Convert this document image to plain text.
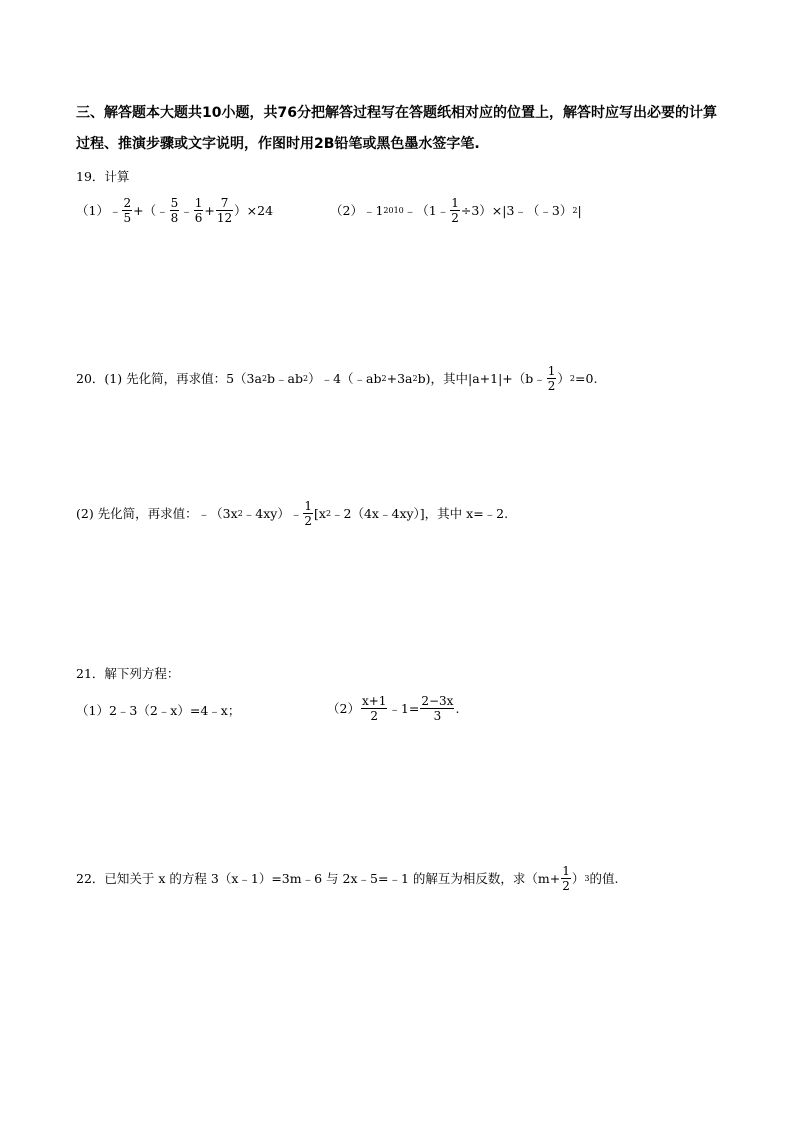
三、解答题本大题共10小题，共76分把解答过程写在答题纸相对应的位置上，解答时应写出必要的计算
过程、推演步骤或文字说明，作图时用2B铅笔或黑色墨水签字笔.
19．计算
（1） ﹣ $\frac{2}{5}$ +（﹣ $\frac{5}{8}$ ﹣ $\frac{1}{6} + \frac{7}{12} )\times 24$	（2） ﹣1 2010 ﹣（1﹣ $\frac{1}{2}$ ÷3）×|3﹣（﹣3） 2 |
20．(1) 先化简，再求值：5（3a 2 b﹣ab 2 ）﹣4（﹣ab 2 +3a 2 b)，其中|a+1|+（b﹣ $\frac{1}{2}$ ） 2 =0.
(2) 先化简，再求值：﹣（3x 2 ﹣4xy）﹣ $\frac{1}{2} [x$ 2 ﹣2（4x﹣4xy）]，其中 x=﹣2.
21．解下列方程：
（1）2﹣3（2﹣x）=4﹣x；	$(2) \frac{x+1}{2}$ ﹣1= $\frac{2-3x}{3}$ .
22．已知关于 x 的方程 3（x﹣1）=3m﹣6 与 2x﹣5=﹣1 的解互为相反数，求（$m+ \frac{1}{2}$ ） 3 的值.
